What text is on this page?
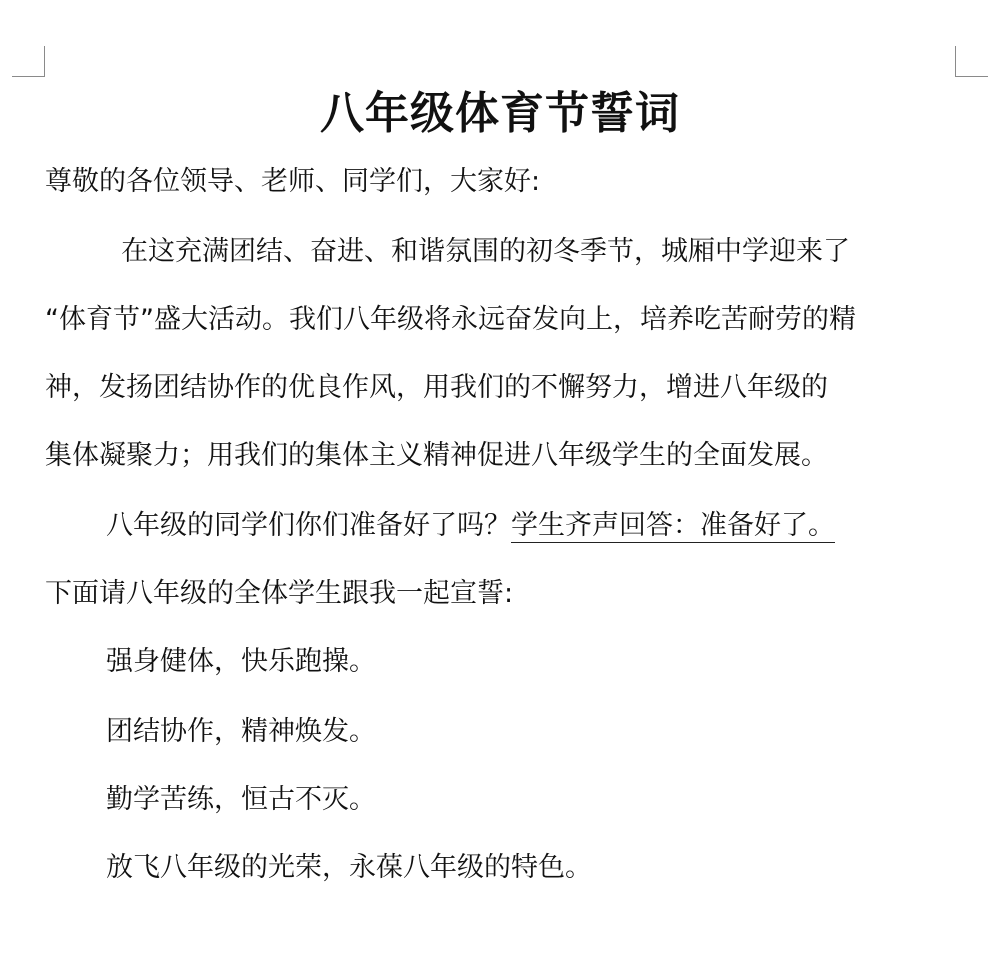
八年级体育节誓词
尊敬的各位领导、老师、同学们，大家好:
在这充满团结、奋进、和谐氛围的初冬季节，城厢中学迎来了
“体育节”盛大活动。我们八年级将永远奋发向上，培养吃苦耐劳的精
神，发扬团结协作的优良作风，用我们的不懈努力，增进八年级的
集体凝聚力；用我们的集体主义精神促进八年级学生的全面发展。
八年级的同学们你们准备好了吗？学生齐声回答：准备好了。
下面请八年级的全体学生跟我一起宣誓:
强身健体，快乐跑操。
团结协作，精神焕发。
勤学苦练，恒古不灭。
放飞八年级的光荣，永葆八年级的特色。
